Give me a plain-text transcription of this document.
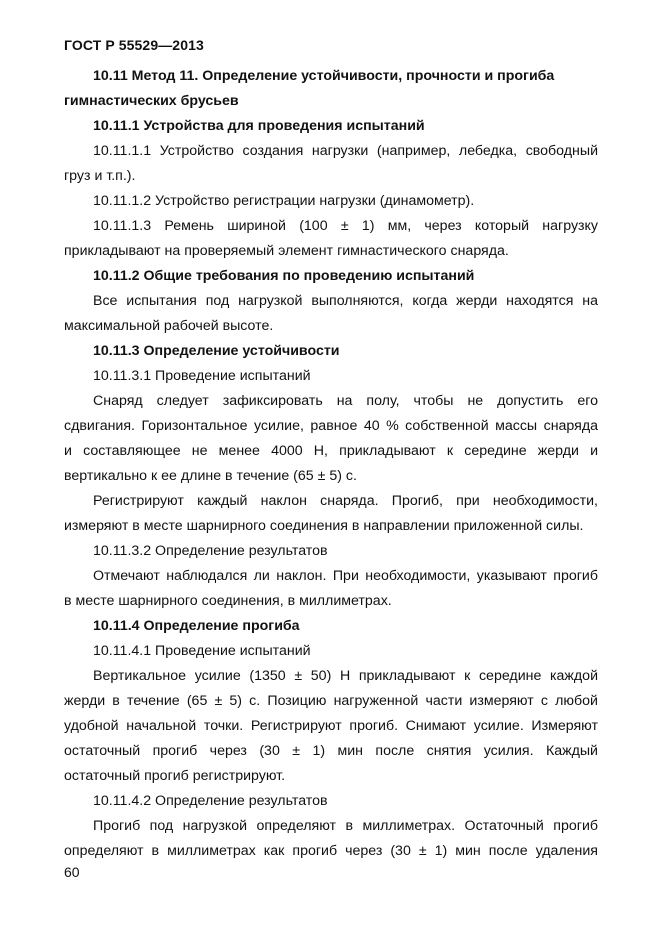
ГОСТ Р 55529—2013
10.11 Метод 11. Определение устойчивости, прочности и прогиба
гимнастических брусьев
10.11.1 Устройства для проведения испытаний
10.11.1.1 Устройство создания нагрузки (например, лебедка, свободный
груз и т.п.).
10.11.1.2 Устройство регистрации нагрузки (динамометр).
10.11.1.3 Ремень шириной (100 ± 1) мм, через который нагрузку
прикладывают на проверяемый элемент гимнастического снаряда.
10.11.2 Общие требования по проведению испытаний
Все испытания под нагрузкой выполняются, когда жерди находятся на
максимальной рабочей высоте.
10.11.3 Определение устойчивости
10.11.3.1 Проведение испытаний
Снаряд следует зафиксировать на полу, чтобы не допустить его
сдвигания. Горизонтальное усилие, равное 40 % собственной массы снаряда
и составляющее не менее 4000 Н, прикладывают к середине жерди и
вертикально к ее длине в течение (65 ± 5) с.
Регистрируют каждый наклон снаряда. Прогиб, при необходимости,
измеряют в месте шарнирного соединения в направлении приложенной силы.
10.11.3.2 Определение результатов
Отмечают наблюдался ли наклон. При необходимости, указывают прогиб
в месте шарнирного соединения, в миллиметрах.
10.11.4 Определение прогиба
10.11.4.1 Проведение испытаний
Вертикальное усилие (1350 ± 50) Н прикладывают к середине каждой
жерди в течение (65 ± 5) с. Позицию нагруженной части измеряют с любой
удобной начальной точки. Регистрируют прогиб. Снимают усилие. Измеряют
остаточный прогиб через (30 ± 1) мин после снятия усилия. Каждый
остаточный прогиб регистрируют.
10.11.4.2 Определение результатов
Прогиб под нагрузкой определяют в миллиметрах. Остаточный прогиб
определяют в миллиметрах как прогиб через (30 ± 1) мин после удаления
60
